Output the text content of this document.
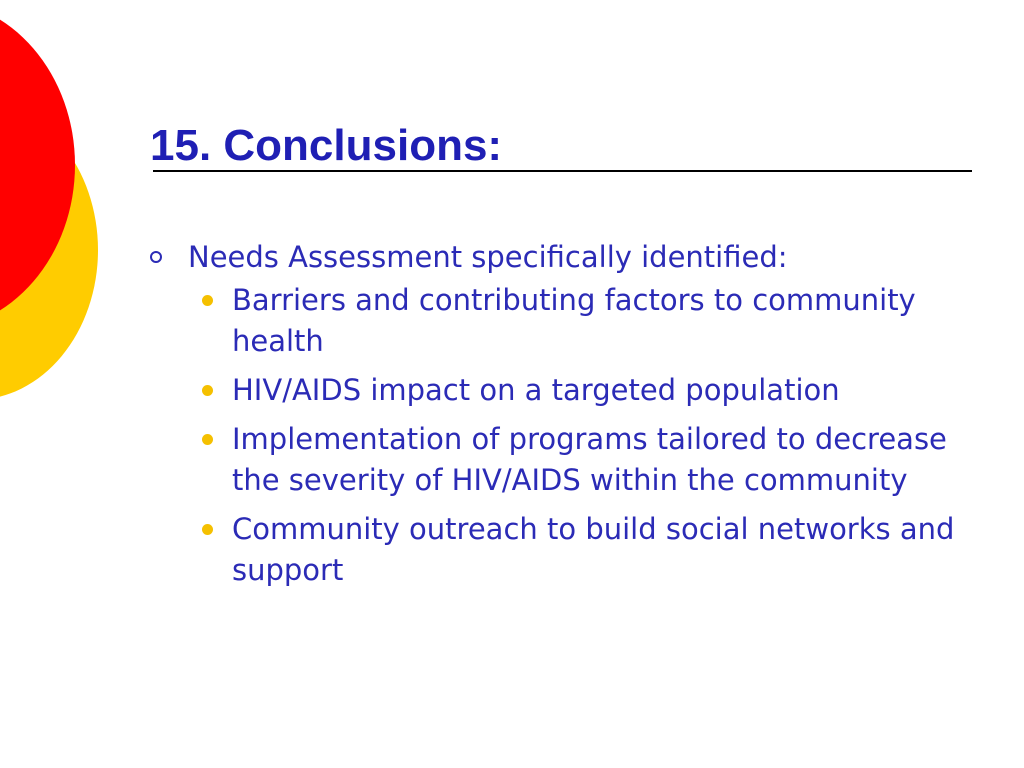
15. Conclusions:
Needs Assessment specifically identified:
Barriers and contributing factors to community health
HIV/AIDS impact on a targeted population
Implementation of programs tailored to decrease the severity of HIV/AIDS within the community
Community outreach to build social networks and support
